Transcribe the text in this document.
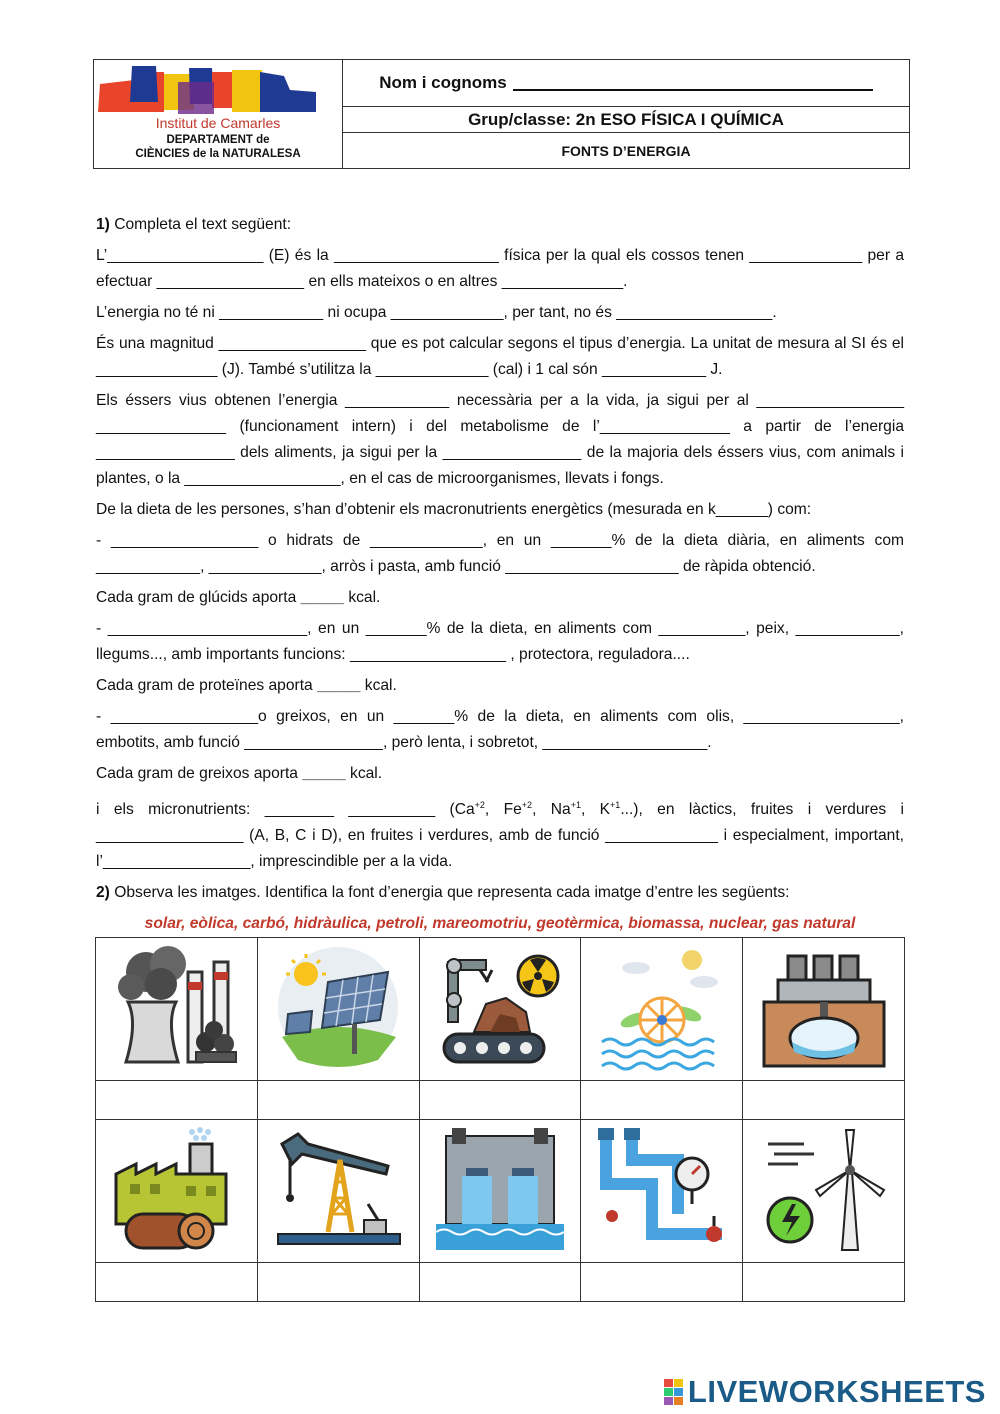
Institut de Camarles
DEPARTAMENT de
CIÈNCIES de la NATURALESA
Nom i cognoms
Grup/classe: 2n ESO FÍSICA I QUÍMICA
FONTS D’ENERGIA

1) Completa el text següent:

L’__________________ (E) és la ___________________ física per la qual els cossos tenen _____________ per a efectuar _________________ en ells mateixos o en altres ______________.

L’energia no té ni ____________ ni ocupa _____________, per tant, no és __________________.

És una magnitud _________________ que es pot calcular segons el tipus d’energia. La unitat de mesura al SI és el ______________ (J). També s’utilitza la _____________ (cal) i 1 cal són ____________ J.

Els éssers vius obtenen l’energia ____________ necessària per a la vida, ja sigui per al _________________ _______________ (funcionament intern) i del metabolisme de l’_______________ a partir de l’energia ________________ dels aliments, ja sigui per la ________________ de la majoria dels éssers vius, com animals i plantes, o la __________________, en el cas de microorganismes, llevats i fongs.

De la dieta de les persones, s’han d’obtenir els macronutrients energètics (mesurada en k______) com:

- _________________ o hidrats de _____________, en un _______% de la dieta diària, en aliments com ____________, _____________, arròs i pasta, amb funció ____________________ de ràpida obtenció.

Cada gram de glúcids aporta _____ kcal.

- _______________________, en un _______% de la dieta, en aliments com __________, peix, ____________, llegums..., amb importants funcions: __________________ , protectora, reguladora....

Cada gram de proteïnes aporta _____ kcal.

- _________________o greixos, en un _______% de la dieta, en aliments com olis, __________________, embotits, amb funció ________________, però lenta, i sobretot, ___________________.

Cada gram de greixos aporta _____ kcal.

i els micronutrients: ________ __________ ($Ca^{+2}$, $Fe^{+2}$, $Na^{+1}$, $K^{+1}$...), en làctics, fruites i verdures i _________________ (A, B, C i D), en fruites i verdures, amb de funció _____________ i especialment, important, l’_________________, imprescindible per a la vida.

2) Observa les imatges. Identifica la font d’energia que representa cada imatge d’entre les següents:

solar, eòlica, carbó, hidràulica, petroli, mareomotriu, geotèrmica, biomassa, nuclear, gas natural

LIVEWORKSHEETS
